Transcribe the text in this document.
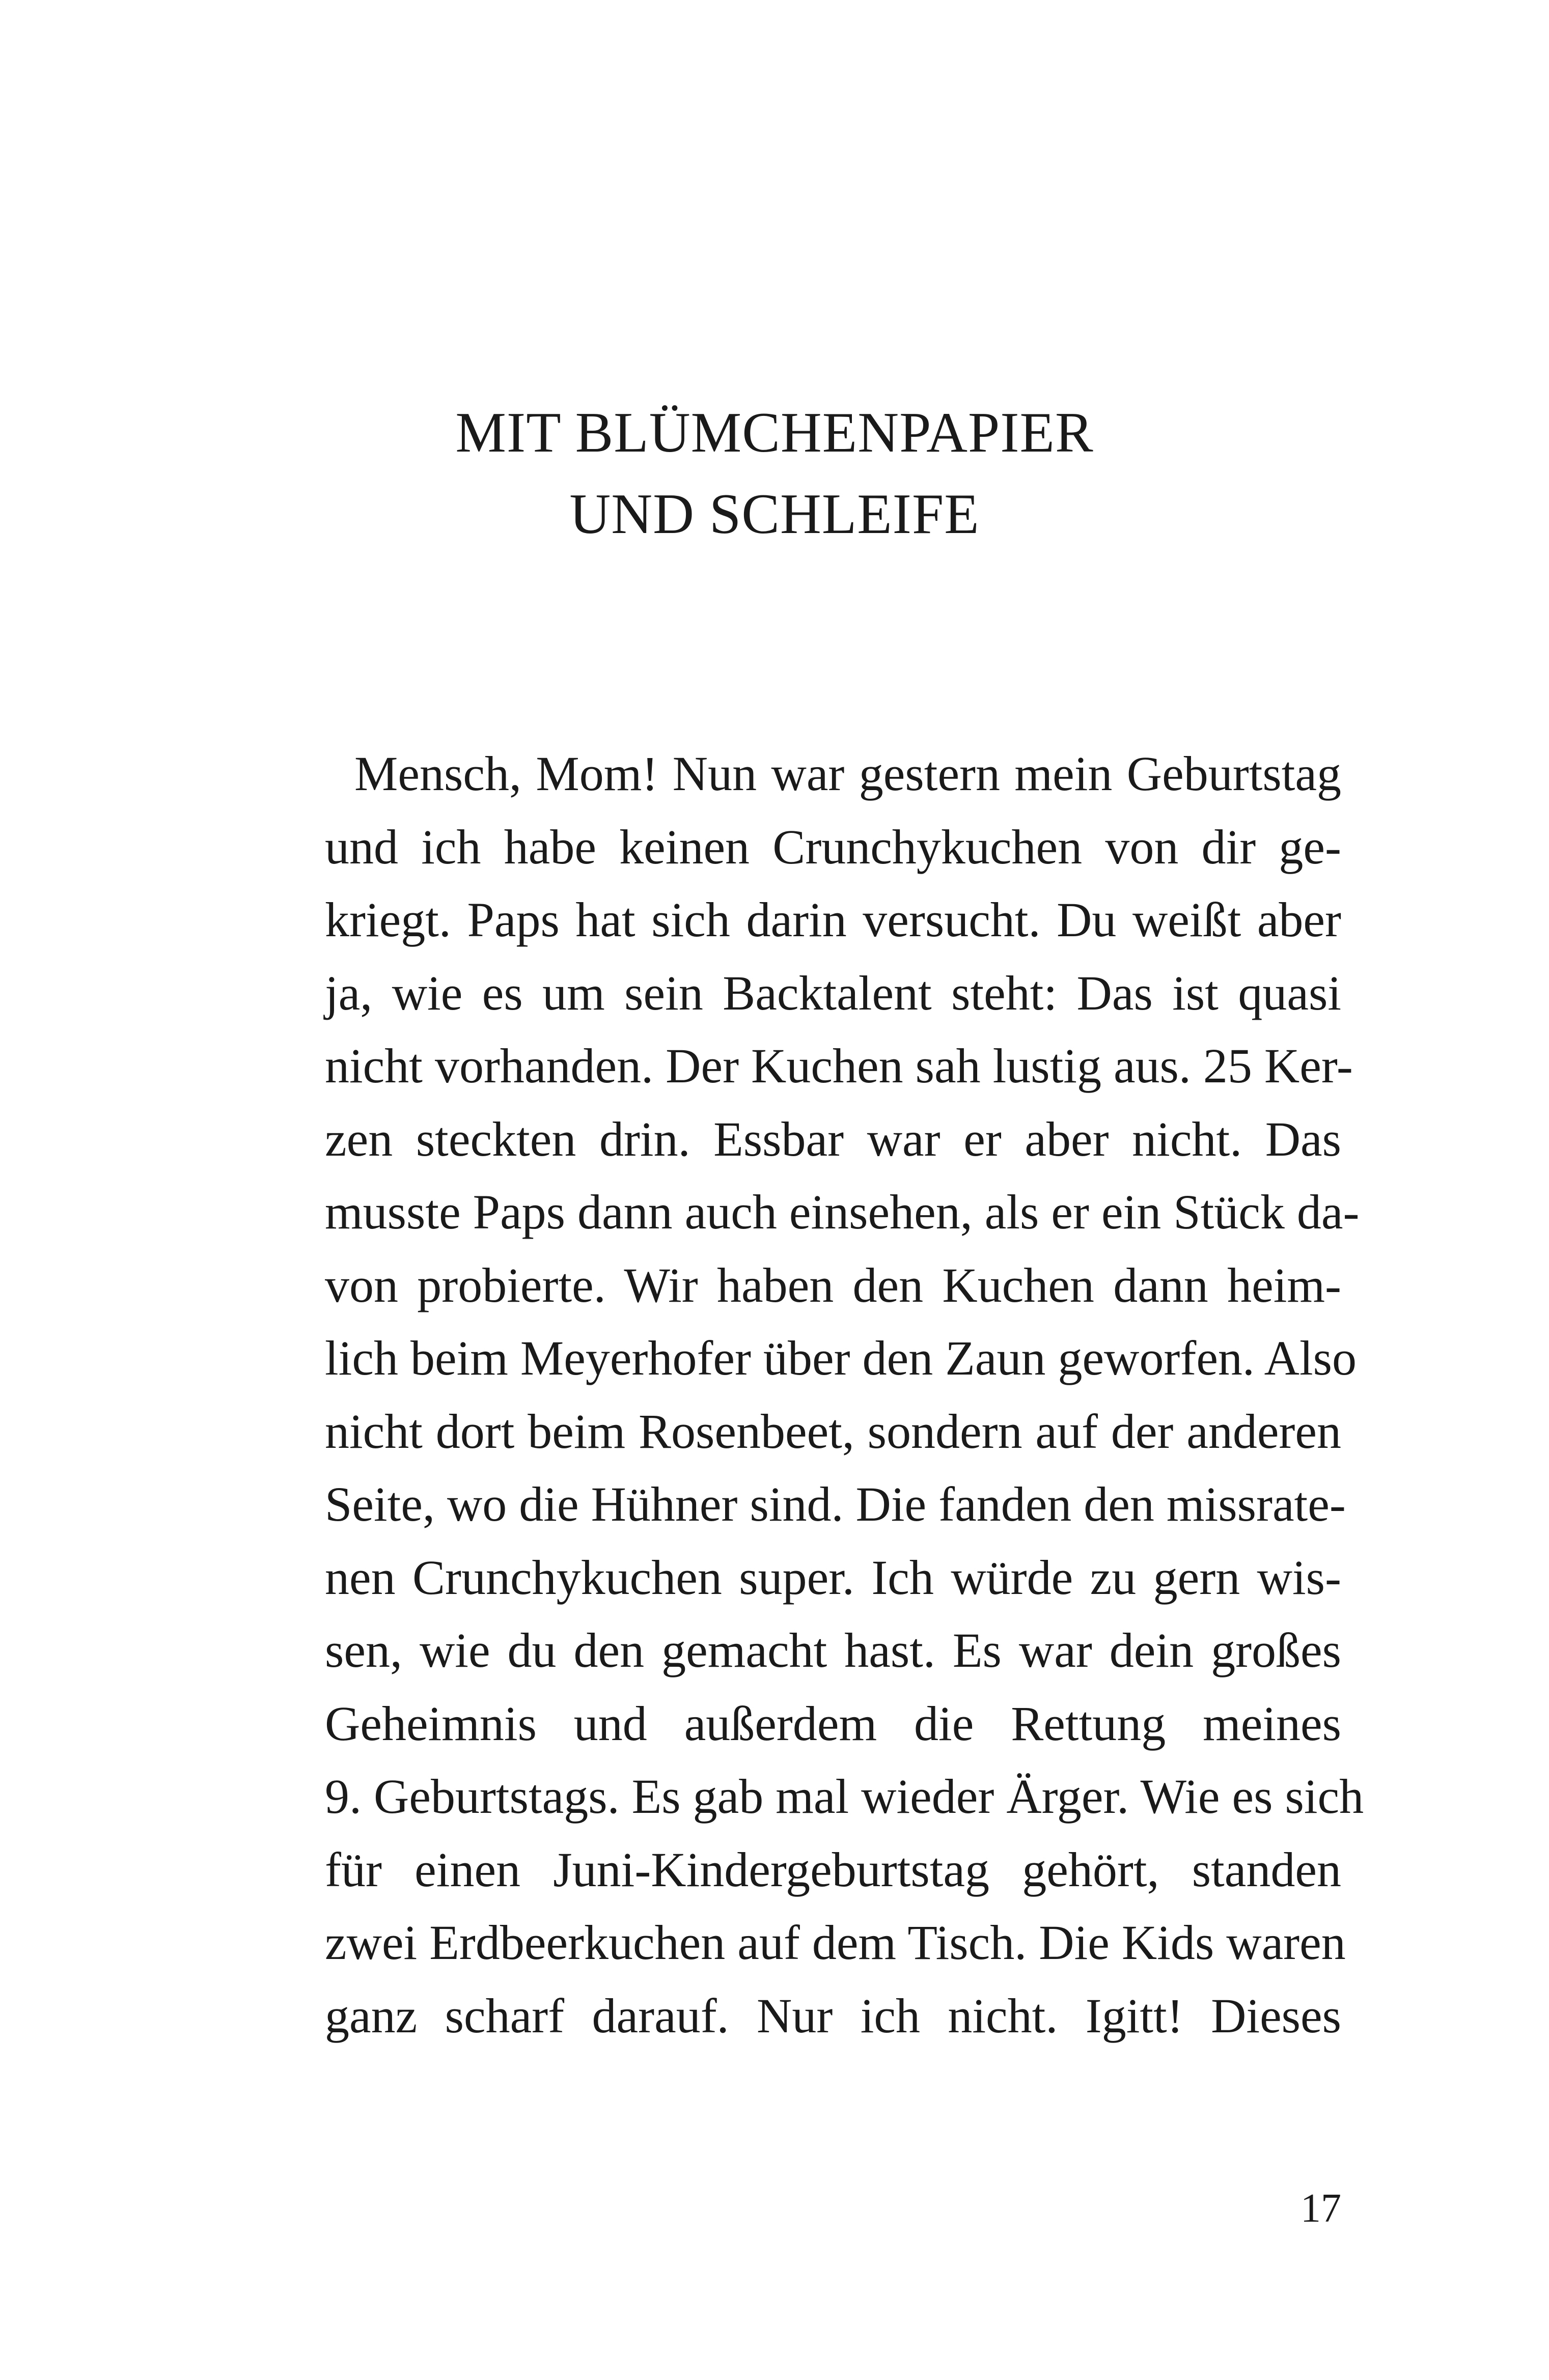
MIT BLÜMCHENPAPIER
UND SCHLEIFE
Mensch, Mom! Nun war gestern mein Geburtstag
und ich habe keinen Crunchykuchen von dir ge-
kriegt. Paps hat sich darin versucht. Du weißt aber
ja, wie es um sein Backtalent steht: Das ist quasi
nicht vorhanden. Der Kuchen sah lustig aus. 25 Ker-
zen steckten drin. Essbar war er aber nicht. Das
musste Paps dann auch einsehen, als er ein Stück da-
von probierte. Wir haben den Kuchen dann heim-
lich beim Meyerhofer über den Zaun geworfen. Also
nicht dort beim Rosenbeet, sondern auf der anderen
Seite, wo die Hühner sind. Die fanden den missrate-
nen Crunchykuchen super. Ich würde zu gern wis-
sen, wie du den gemacht hast. Es war dein großes
Geheimnis und außerdem die Rettung meines
9. Geburtstags. Es gab mal wieder Ärger. Wie es sich
für einen Juni-Kindergeburtstag gehört, standen
zwei Erdbeerkuchen auf dem Tisch. Die Kids waren
ganz scharf darauf. Nur ich nicht. Igitt! Dieses
17
